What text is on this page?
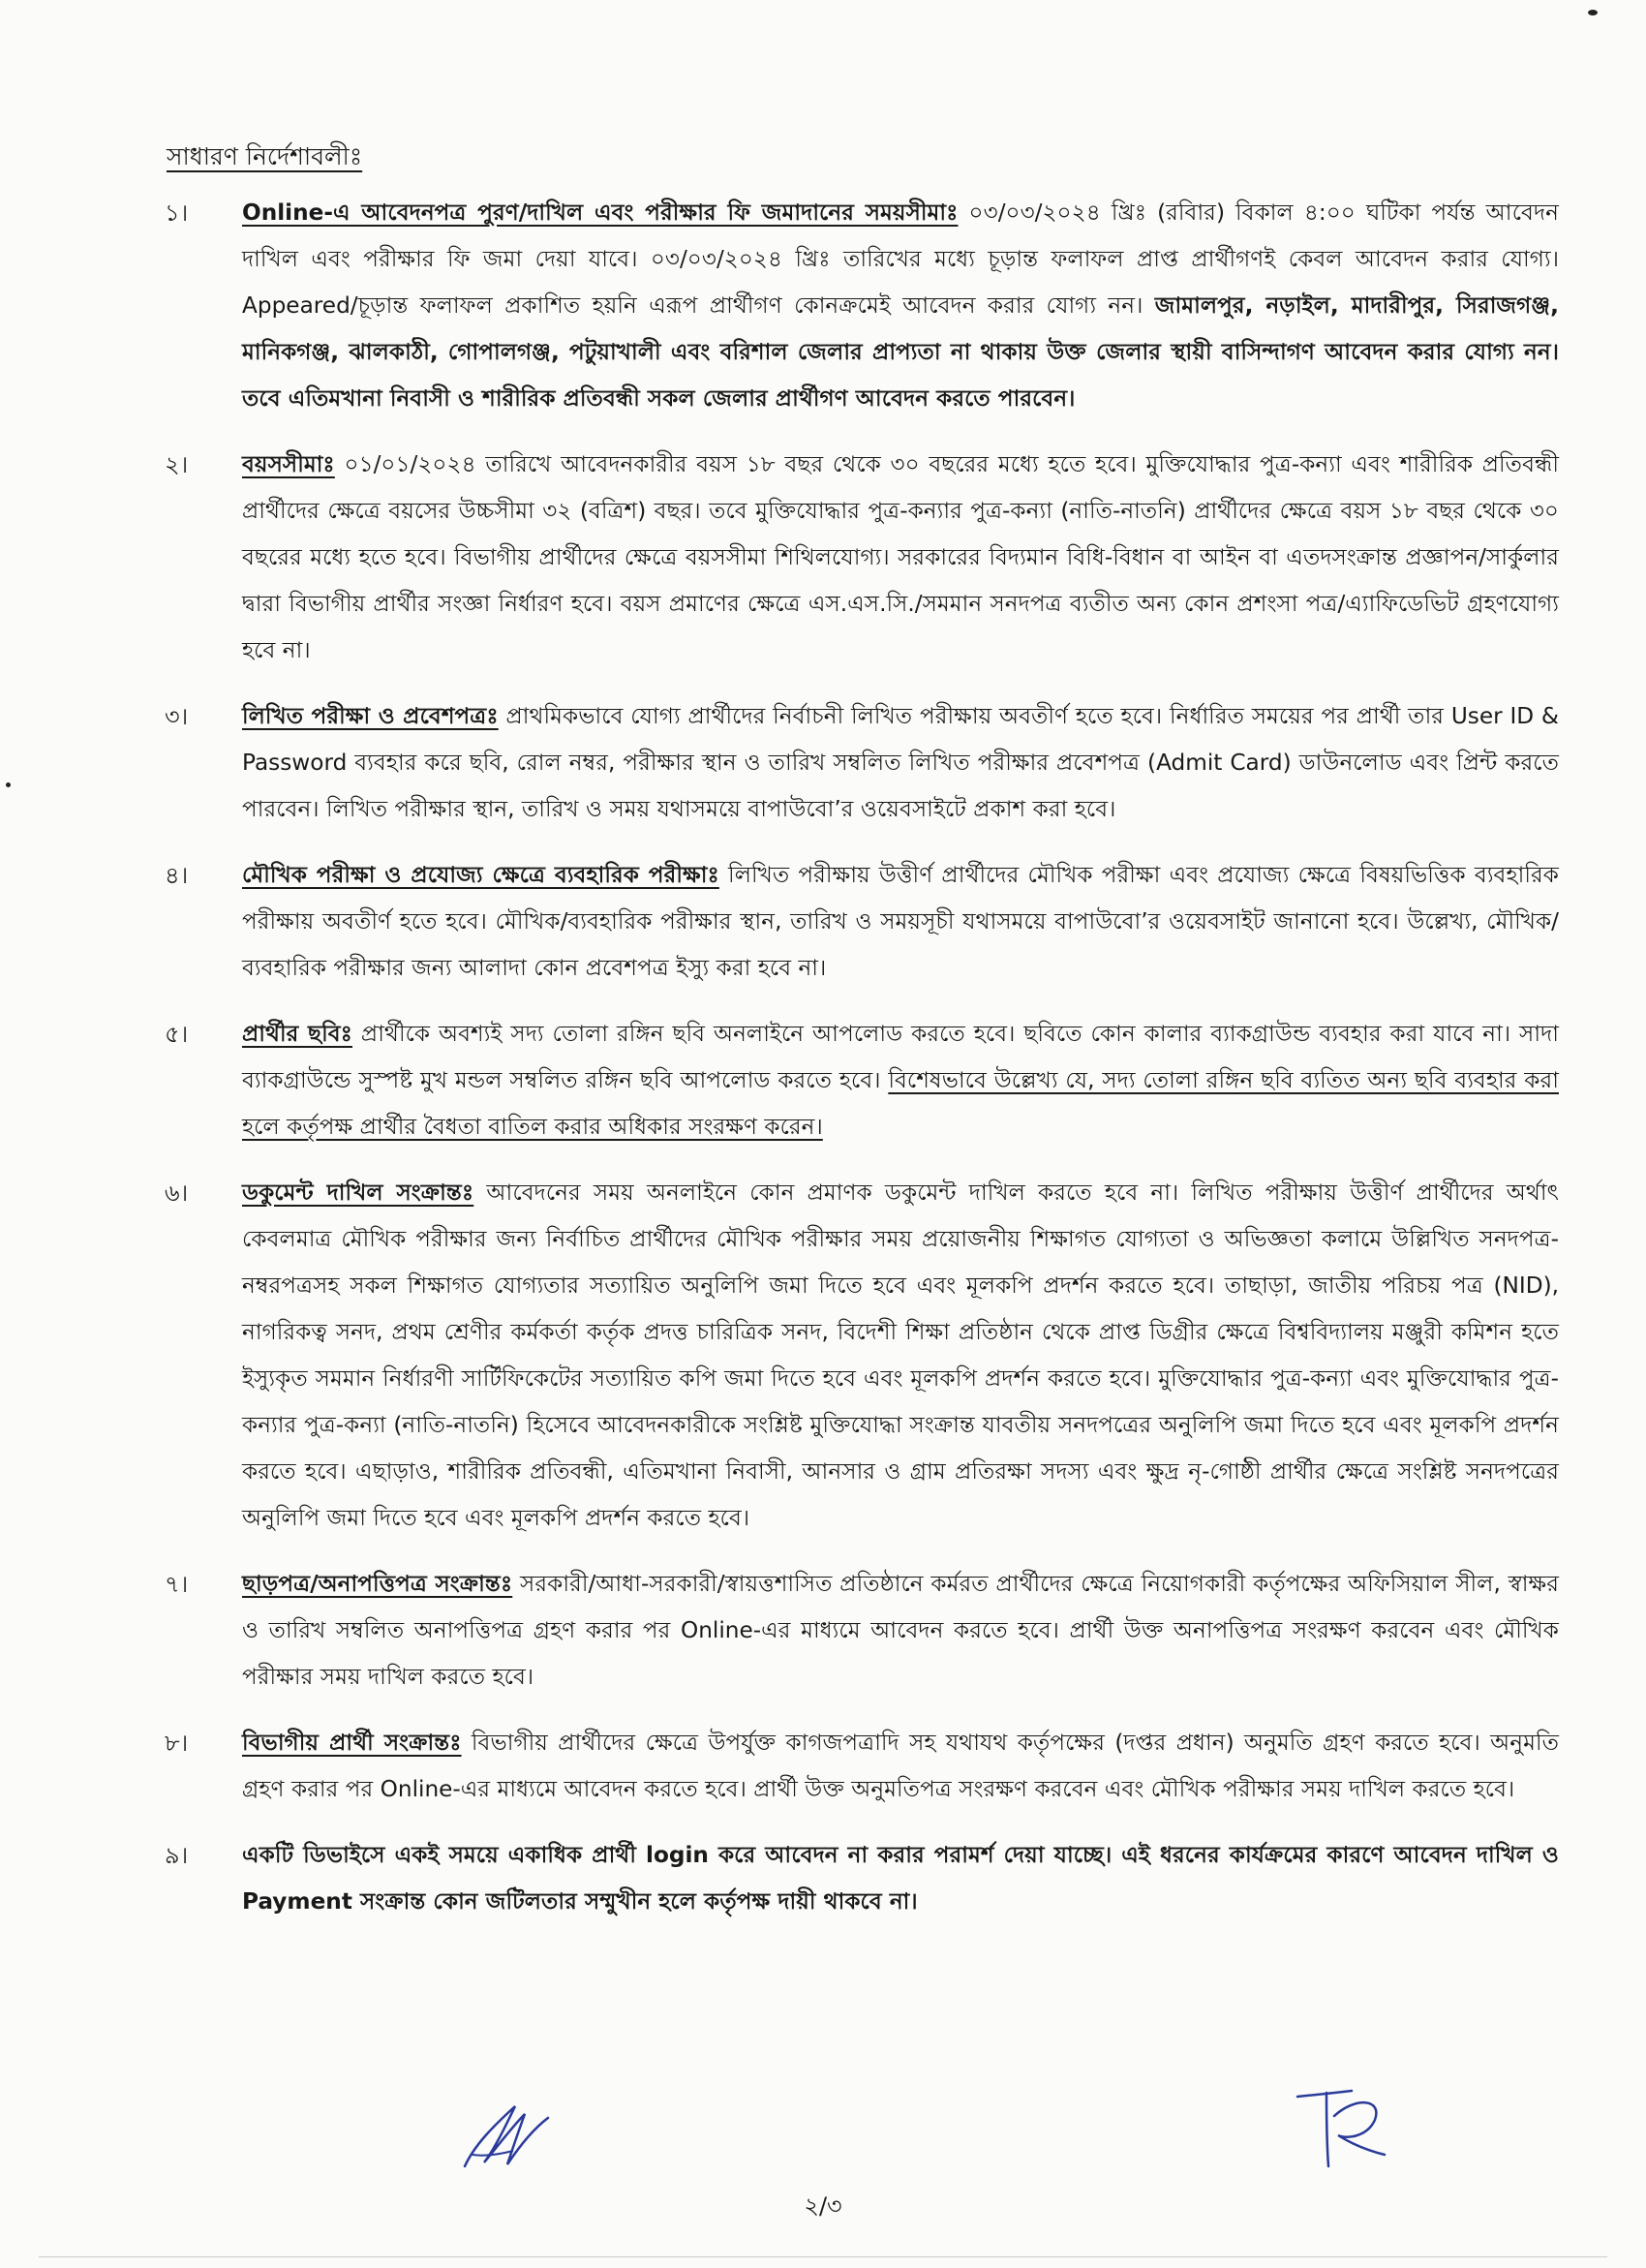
সাধারণ নির্দেশাবলীঃ
১।	Online-এ আবেদনপত্র পুরণ/দাখিল এবং পরীক্ষার ফি জমাদানের সময়সীমাঃ ০৩/০৩/২০২৪ খ্রিঃ (রবিার) বিকাল ৪:০০ ঘটিকা পর্যন্ত আবেদন দাখিল এবং পরীক্ষার ফি জমা দেয়া যাবে। ০৩/০৩/২০২৪ খ্রিঃ তারিখের মধ্যে চূড়ান্ত ফলাফল প্রাপ্ত প্রার্থীগণই কেবল আবেদন করার যোগ্য। Appeared/চূড়ান্ত ফলাফল প্রকাশিত হয়নি এরূপ প্রার্থীগণ কোনক্রমেই আবেদন করার যোগ্য নন। জামালপুর, নড়াইল, মাদারীপুর, সিরাজগঞ্জ, মানিকগঞ্জ, ঝালকাঠী, গোপালগঞ্জ, পটুয়াখালী এবং বরিশাল জেলার প্রাপ্যতা না থাকায় উক্ত জেলার স্থায়ী বাসিন্দাগণ আবেদন করার যোগ্য নন। তবে এতিমখানা নিবাসী ও শারীরিক প্রতিবন্ধী সকল জেলার প্রার্থীগণ আবেদন করতে পারবেন।
২।	বয়সসীমাঃ ০১/০১/২০২৪ তারিখে আবেদনকারীর বয়স ১৮ বছর থেকে ৩০ বছরের মধ্যে হতে হবে। মুক্তিযোদ্ধার পুত্র-কন্যা এবং শারীরিক প্রতিবন্ধী প্রার্থীদের ক্ষেত্রে বয়সের উচ্চসীমা ৩২ (বত্রিশ) বছর। তবে মুক্তিযোদ্ধার পুত্র-কন্যার পুত্র-কন্যা (নাতি-নাতনি) প্রার্থীদের ক্ষেত্রে বয়স ১৮ বছর থেকে ৩০ বছরের মধ্যে হতে হবে। বিভাগীয় প্রার্থীদের ক্ষেত্রে বয়সসীমা শিথিলযোগ্য। সরকারের বিদ্যমান বিধি-বিধান বা আইন বা এতদসংক্রান্ত প্রজ্ঞাপন/সার্কুলার দ্বারা বিভাগীয় প্রার্থীর সংজ্ঞা নির্ধারণ হবে। বয়স প্রমাণের ক্ষেত্রে এস.এস.সি./সমমান সনদপত্র ব্যতীত অন্য কোন প্রশংসা পত্র/এ্যাফিডেভিট গ্রহণযোগ্য হবে না।
৩।	লিখিত পরীক্ষা ও প্রবেশপত্রঃ প্রাথমিকভাবে যোগ্য প্রার্থীদের নির্বাচনী লিখিত পরীক্ষায় অবতীর্ণ হতে হবে। নির্ধারিত সময়ের পর প্রার্থী তার User ID & Password ব্যবহার করে ছবি, রোল নম্বর, পরীক্ষার স্থান ও তারিখ সম্বলিত লিখিত পরীক্ষার প্রবেশপত্র (Admit Card) ডাউনলোড এবং প্রিন্ট করতে পারবেন। লিখিত পরীক্ষার স্থান, তারিখ ও সময় যথাসময়ে বাপাউবো’র ওয়েবসাইটে প্রকাশ করা হবে।
৪।	মৌখিক পরীক্ষা ও প্রযোজ্য ক্ষেত্রে ব্যবহারিক পরীক্ষাঃ লিখিত পরীক্ষায় উত্তীর্ণ প্রার্থীদের মৌখিক পরীক্ষা এবং প্রযোজ্য ক্ষেত্রে বিষয়ভিত্তিক ব্যবহারিক পরীক্ষায় অবতীর্ণ হতে হবে। মৌখিক/ব্যবহারিক পরীক্ষার স্থান, তারিখ ও সময়সূচী যথাসময়ে বাপাউবো’র ওয়েবসাইট জানানো হবে। উল্লেখ্য, মৌখিক/ব্যবহারিক পরীক্ষার জন্য আলাদা কোন প্রবেশপত্র ইস্যু করা হবে না।
৫।	প্রার্থীর ছবিঃ প্রার্থীকে অবশ্যই সদ্য তোলা রঙ্গিন ছবি অনলাইনে আপলোড করতে হবে। ছবিতে কোন কালার ব্যাকগ্রাউন্ড ব্যবহার করা যাবে না। সাদা ব্যাকগ্রাউন্ডে সুস্পষ্ট মুখ মন্ডল সম্বলিত রঙ্গিন ছবি আপলোড করতে হবে। বিশেষভাবে উল্লেখ্য যে, সদ্য তোলা রঙ্গিন ছবি ব্যতিত অন্য ছবি ব্যবহার করা হলে কর্তৃপক্ষ প্রার্থীর বৈধতা বাতিল করার অধিকার সংরক্ষণ করেন।
৬।	ডকুমেন্ট দাখিল সংক্রান্তঃ আবেদনের সময় অনলাইনে কোন প্রমাণক ডকুমেন্ট দাখিল করতে হবে না। লিখিত পরীক্ষায় উত্তীর্ণ প্রার্থীদের অর্থাৎ কেবলমাত্র মৌখিক পরীক্ষার জন্য নির্বাচিত প্রার্থীদের মৌখিক পরীক্ষার সময় প্রয়োজনীয় শিক্ষাগত যোগ্যতা ও অভিজ্ঞতা কলামে উল্লিখিত সনদপত্র-নম্বরপত্রসহ সকল শিক্ষাগত যোগ্যতার সত্যায়িত অনুলিপি জমা দিতে হবে এবং মূলকপি প্রদর্শন করতে হবে। তাছাড়া, জাতীয় পরিচয় পত্র (NID), নাগরিকত্ব সনদ, প্রথম শ্রেণীর কর্মকর্তা কর্তৃক প্রদত্ত চারিত্রিক সনদ, বিদেশী শিক্ষা প্রতিষ্ঠান থেকে প্রাপ্ত ডিগ্রীর ক্ষেত্রে বিশ্ববিদ্যালয় মঞ্জুরী কমিশন হতে ইস্যুকৃত সমমান নির্ধারণী সার্টিফিকেটের সত্যায়িত কপি জমা দিতে হবে এবং মূলকপি প্রদর্শন করতে হবে। মুক্তিযোদ্ধার পুত্র-কন্যা এবং মুক্তিযোদ্ধার পুত্র-কন্যার পুত্র-কন্যা (নাতি-নাতনি) হিসেবে আবেদনকারীকে সংশ্লিষ্ট মুক্তিযোদ্ধা সংক্রান্ত যাবতীয় সনদপত্রের অনুলিপি জমা দিতে হবে এবং মূলকপি প্রদর্শন করতে হবে। এছাড়াও, শারীরিক প্রতিবন্ধী, এতিমখানা নিবাসী, আনসার ও গ্রাম প্রতিরক্ষা সদস্য এবং ক্ষুদ্র নৃ-গোষ্ঠী প্রার্থীর ক্ষেত্রে সংশ্লিষ্ট সনদপত্রের অনুলিপি জমা দিতে হবে এবং মূলকপি প্রদর্শন করতে হবে।
৭।	ছাড়পত্র/অনাপত্তিপত্র সংক্রান্তঃ সরকারী/আধা-সরকারী/স্বায়ত্তশাসিত প্রতিষ্ঠানে কর্মরত প্রার্থীদের ক্ষেত্রে নিয়োগকারী কর্তৃপক্ষের অফিসিয়াল সীল, স্বাক্ষর ও তারিখ সম্বলিত অনাপত্তিপত্র গ্রহণ করার পর Online-এর মাধ্যমে আবেদন করতে হবে। প্রার্থী উক্ত অনাপত্তিপত্র সংরক্ষণ করবেন এবং মৌখিক পরীক্ষার সময় দাখিল করতে হবে।
৮।	বিভাগীয় প্রার্থী সংক্রান্তঃ বিভাগীয় প্রার্থীদের ক্ষেত্রে উপর্যুক্ত কাগজপত্রাদি সহ যথাযথ কর্তৃপক্ষের (দপ্তর প্রধান) অনুমতি গ্রহণ করতে হবে। অনুমতি গ্রহণ করার পর Online-এর মাধ্যমে আবেদন করতে হবে। প্রার্থী উক্ত অনুমতিপত্র সংরক্ষণ করবেন এবং মৌখিক পরীক্ষার সময় দাখিল করতে হবে।
৯।	একটি ডিভাইসে একই সময়ে একাধিক প্রার্থী login করে আবেদন না করার পরামর্শ দেয়া যাচ্ছে। এই ধরনের কার্যক্রমের কারণে আবেদন দাখিল ও Payment সংক্রান্ত কোন জটিলতার সম্মুখীন হলে কর্তৃপক্ষ দায়ী থাকবে না।
২/৩
